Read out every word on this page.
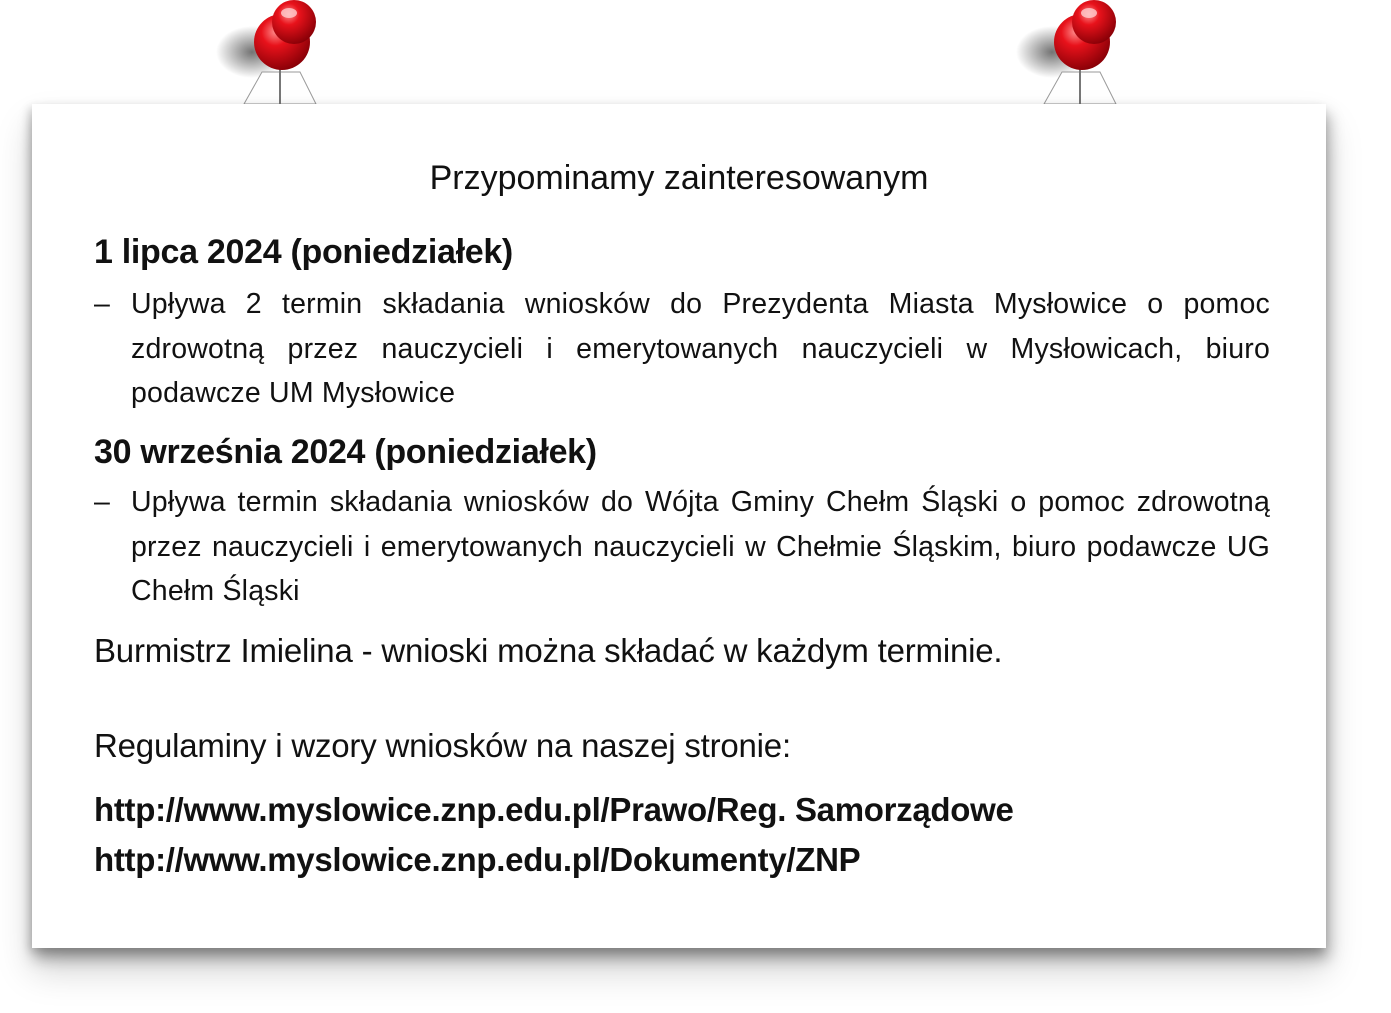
Przypominamy zainteresowanym
1 lipca 2024 (poniedziałek)
– Upływa 2 termin składania wniosków do Prezydenta Miasta Mysłowice o pomoc zdrowotną przez nauczycieli i emerytowanych nauczycieli w Mysłowicach, biuro podawcze UM Mysłowice
30 września 2024 (poniedziałek)
– Upływa termin składania wniosków do Wójta Gminy Chełm Śląski o pomoc zdrowotną przez nauczycieli i emerytowanych nauczycieli w Chełmie Śląskim, biuro podawcze UG Chełm Śląski
Burmistrz Imielina - wnioski można składać w każdym terminie.
Regulaminy i wzory wniosków na naszej stronie:
http://www.myslowice.znp.edu.pl/Prawo/Reg. Samorządowe
http://www.myslowice.znp.edu.pl/Dokumenty/ZNP
